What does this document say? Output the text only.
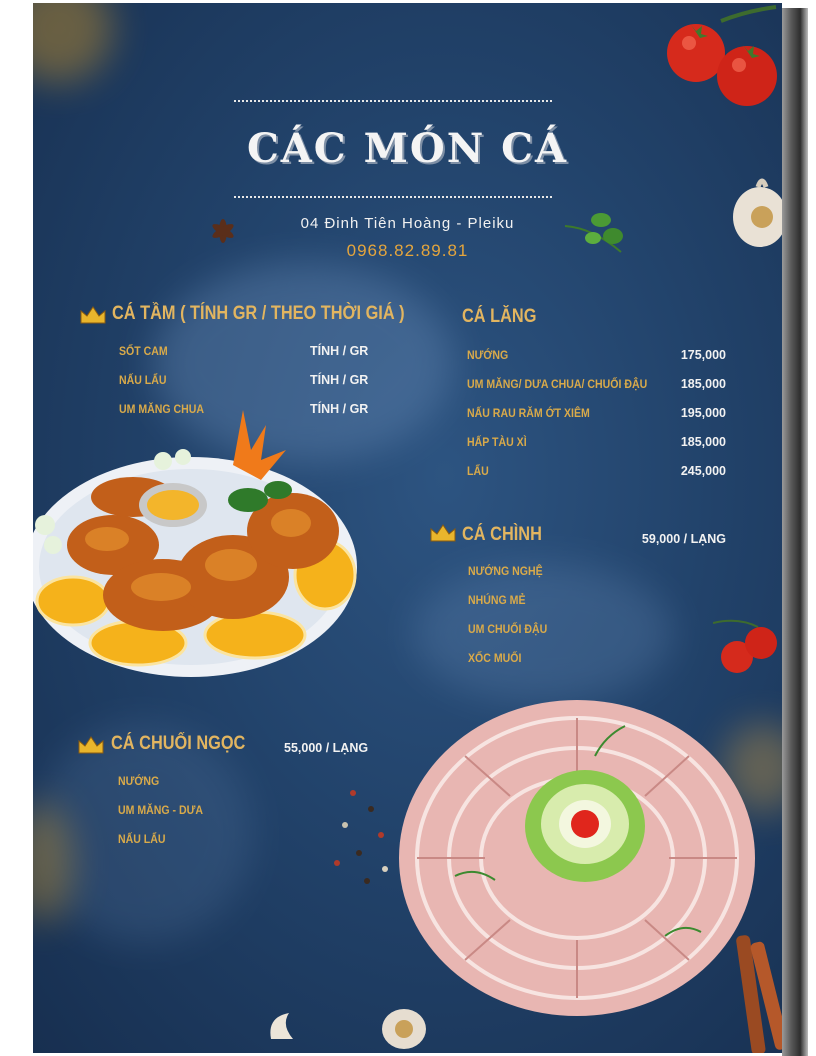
CÁC MÓN CÁ
04 Đinh Tiên Hoàng - Pleiku
0968.82.89.81
CÁ TẦM ( TÍNH GR / THEO THỜI GIÁ )
SỐT CAM	TÍNH / GR
NẤU LẨU	TÍNH / GR
UM MĂNG CHUA	TÍNH / GR
CÁ LĂNG
NƯỚNG	175,000
UM MĂNG/ DƯA CHUA/ CHUỐI ĐẬU	185,000
NẤU RAU RĂM ỚT XIÊM	195,000
HẤP TÀU XÌ	185,000
LẨU	245,000
CÁ CHÌNH	59,000 / LẠNG
NƯỚNG NGHỆ
NHÚNG MẺ
UM CHUỐI ĐẬU
XỐC MUỐI
CÁ CHUỐI NGỌC	55,000 / LẠNG
NƯỚNG
UM MĂNG - DƯA
NẤU LẨU
